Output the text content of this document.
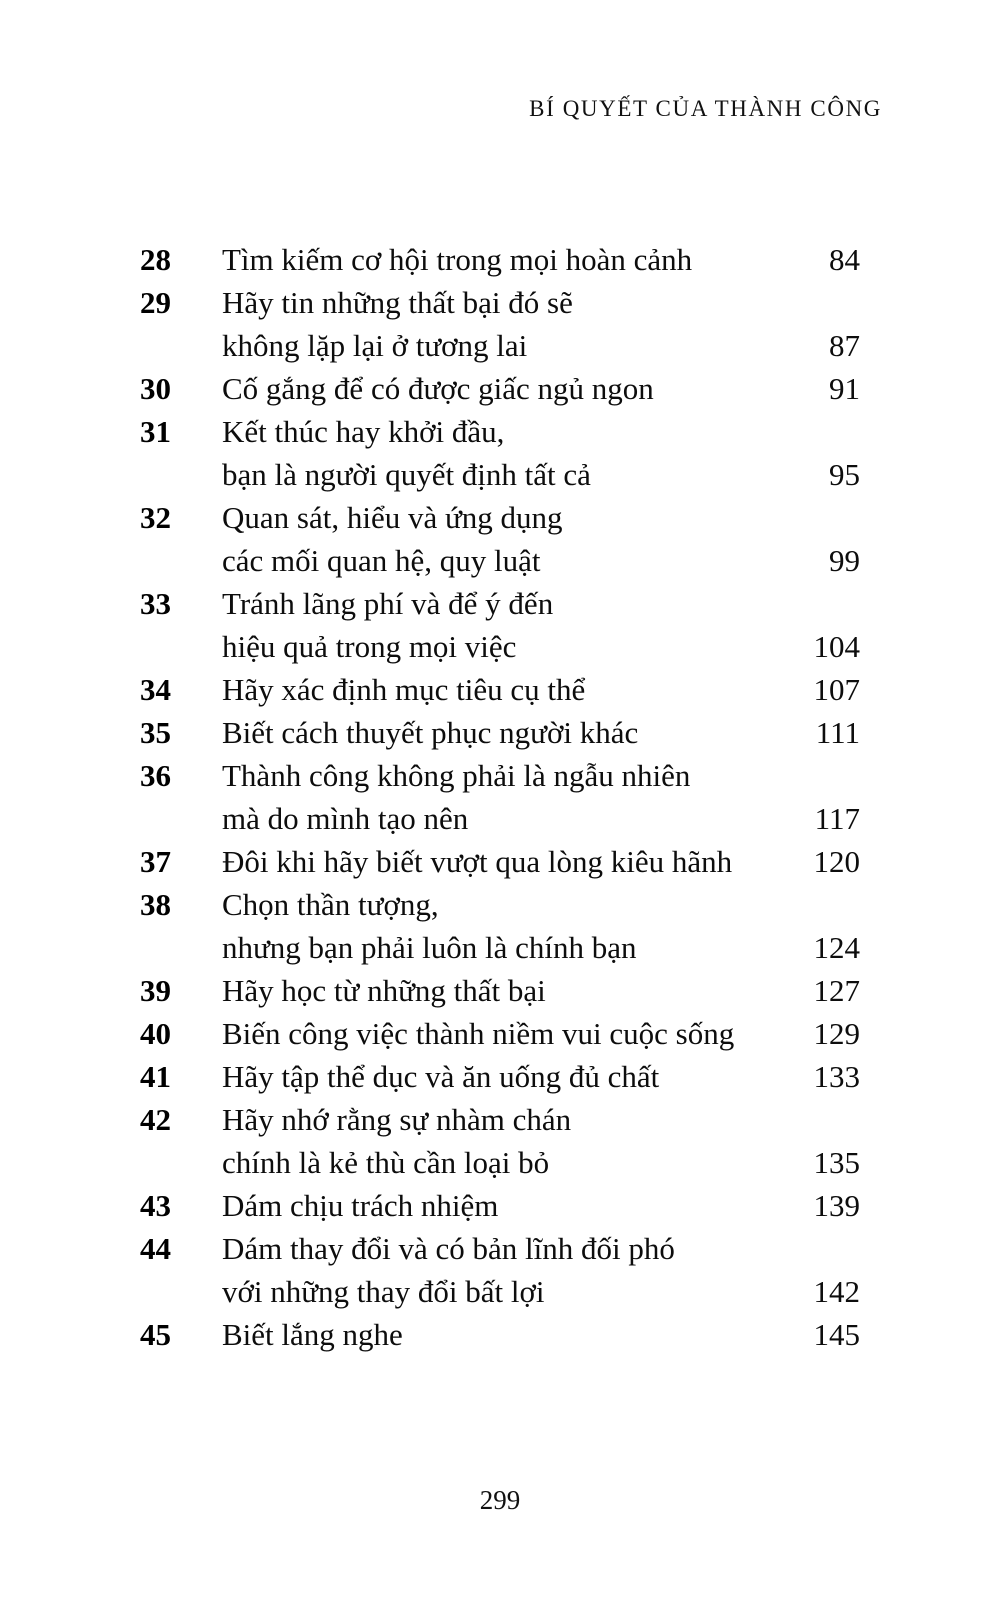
BÍ QUYẾT CỦA THÀNH CÔNG
28	Tìm kiếm cơ hội trong mọi hoàn cảnh	84
29	Hãy tin những thất bại đó sẽ
không lặp lại ở tương lai	87
30	Cố gắng để có được giấc ngủ ngon	91
31	Kết thúc hay khởi đầu,
bạn là người quyết định tất cả	95
32	Quan sát, hiểu và ứng dụng
các mối quan hệ, quy luật	99
33	Tránh lãng phí và để ý đến
hiệu quả trong mọi việc	104
34	Hãy xác định mục tiêu cụ thể	107
35	Biết cách thuyết phục người khác	111
36	Thành công không phải là ngẫu nhiên
mà do mình tạo nên	117
37	Đôi khi hãy biết vượt qua lòng kiêu hãnh	120
38	Chọn thần tượng,
nhưng bạn phải luôn là chính bạn	124
39	Hãy học từ những thất bại	127
40	Biến công việc thành niềm vui cuộc sống	129
41	Hãy tập thể dục và ăn uống đủ chất	133
42	Hãy nhớ rằng sự nhàm chán
chính là kẻ thù cần loại bỏ	135
43	Dám chịu trách nhiệm	139
44	Dám thay đổi và có bản lĩnh đối phó
với những thay đổi bất lợi	142
45	Biết lắng nghe	145
299
